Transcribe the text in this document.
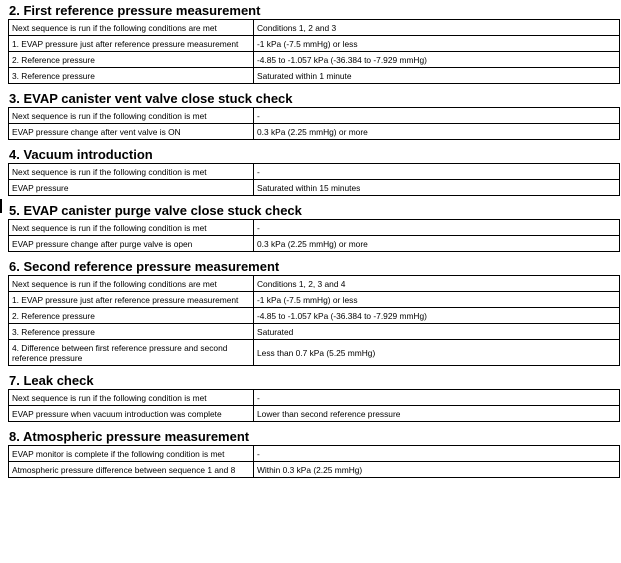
2. First reference pressure measurement
Next sequence is run if the following conditions are met	Conditions 1, 2 and 3
1. EVAP pressure just after reference pressure measurement	-1 kPa (-7.5 mmHg) or less
2. Reference pressure	-4.85 to -1.057 kPa (-36.384 to -7.929 mmHg)
3. Reference pressure	Saturated within 1 minute
3. EVAP canister vent valve close stuck check
Next sequence is run if the following condition is met	-
EVAP pressure change after vent valve is ON	0.3 kPa (2.25 mmHg) or more
4. Vacuum introduction
Next sequence is run if the following condition is met	-
EVAP pressure	Saturated within 15 minutes
5. EVAP canister purge valve close stuck check
Next sequence is run if the following condition is met	-
EVAP pressure change after purge valve is open	0.3 kPa (2.25 mmHg) or more
6. Second reference pressure measurement
Next sequence is run if the following conditions are met	Conditions 1, 2, 3 and 4
1. EVAP pressure just after reference pressure measurement	-1 kPa (-7.5 mmHg) or less
2. Reference pressure	-4.85 to -1.057 kPa (-36.384 to -7.929 mmHg)
3. Reference pressure	Saturated
4. Difference between first reference pressure and second reference pressure	Less than 0.7 kPa (5.25 mmHg)
7. Leak check
Next sequence is run if the following condition is met	-
EVAP pressure when vacuum introduction was complete	Lower than second reference pressure
8. Atmospheric pressure measurement
EVAP monitor is complete if the following condition is met	-
Atmospheric pressure difference between sequence 1 and 8	Within 0.3 kPa (2.25 mmHg)
